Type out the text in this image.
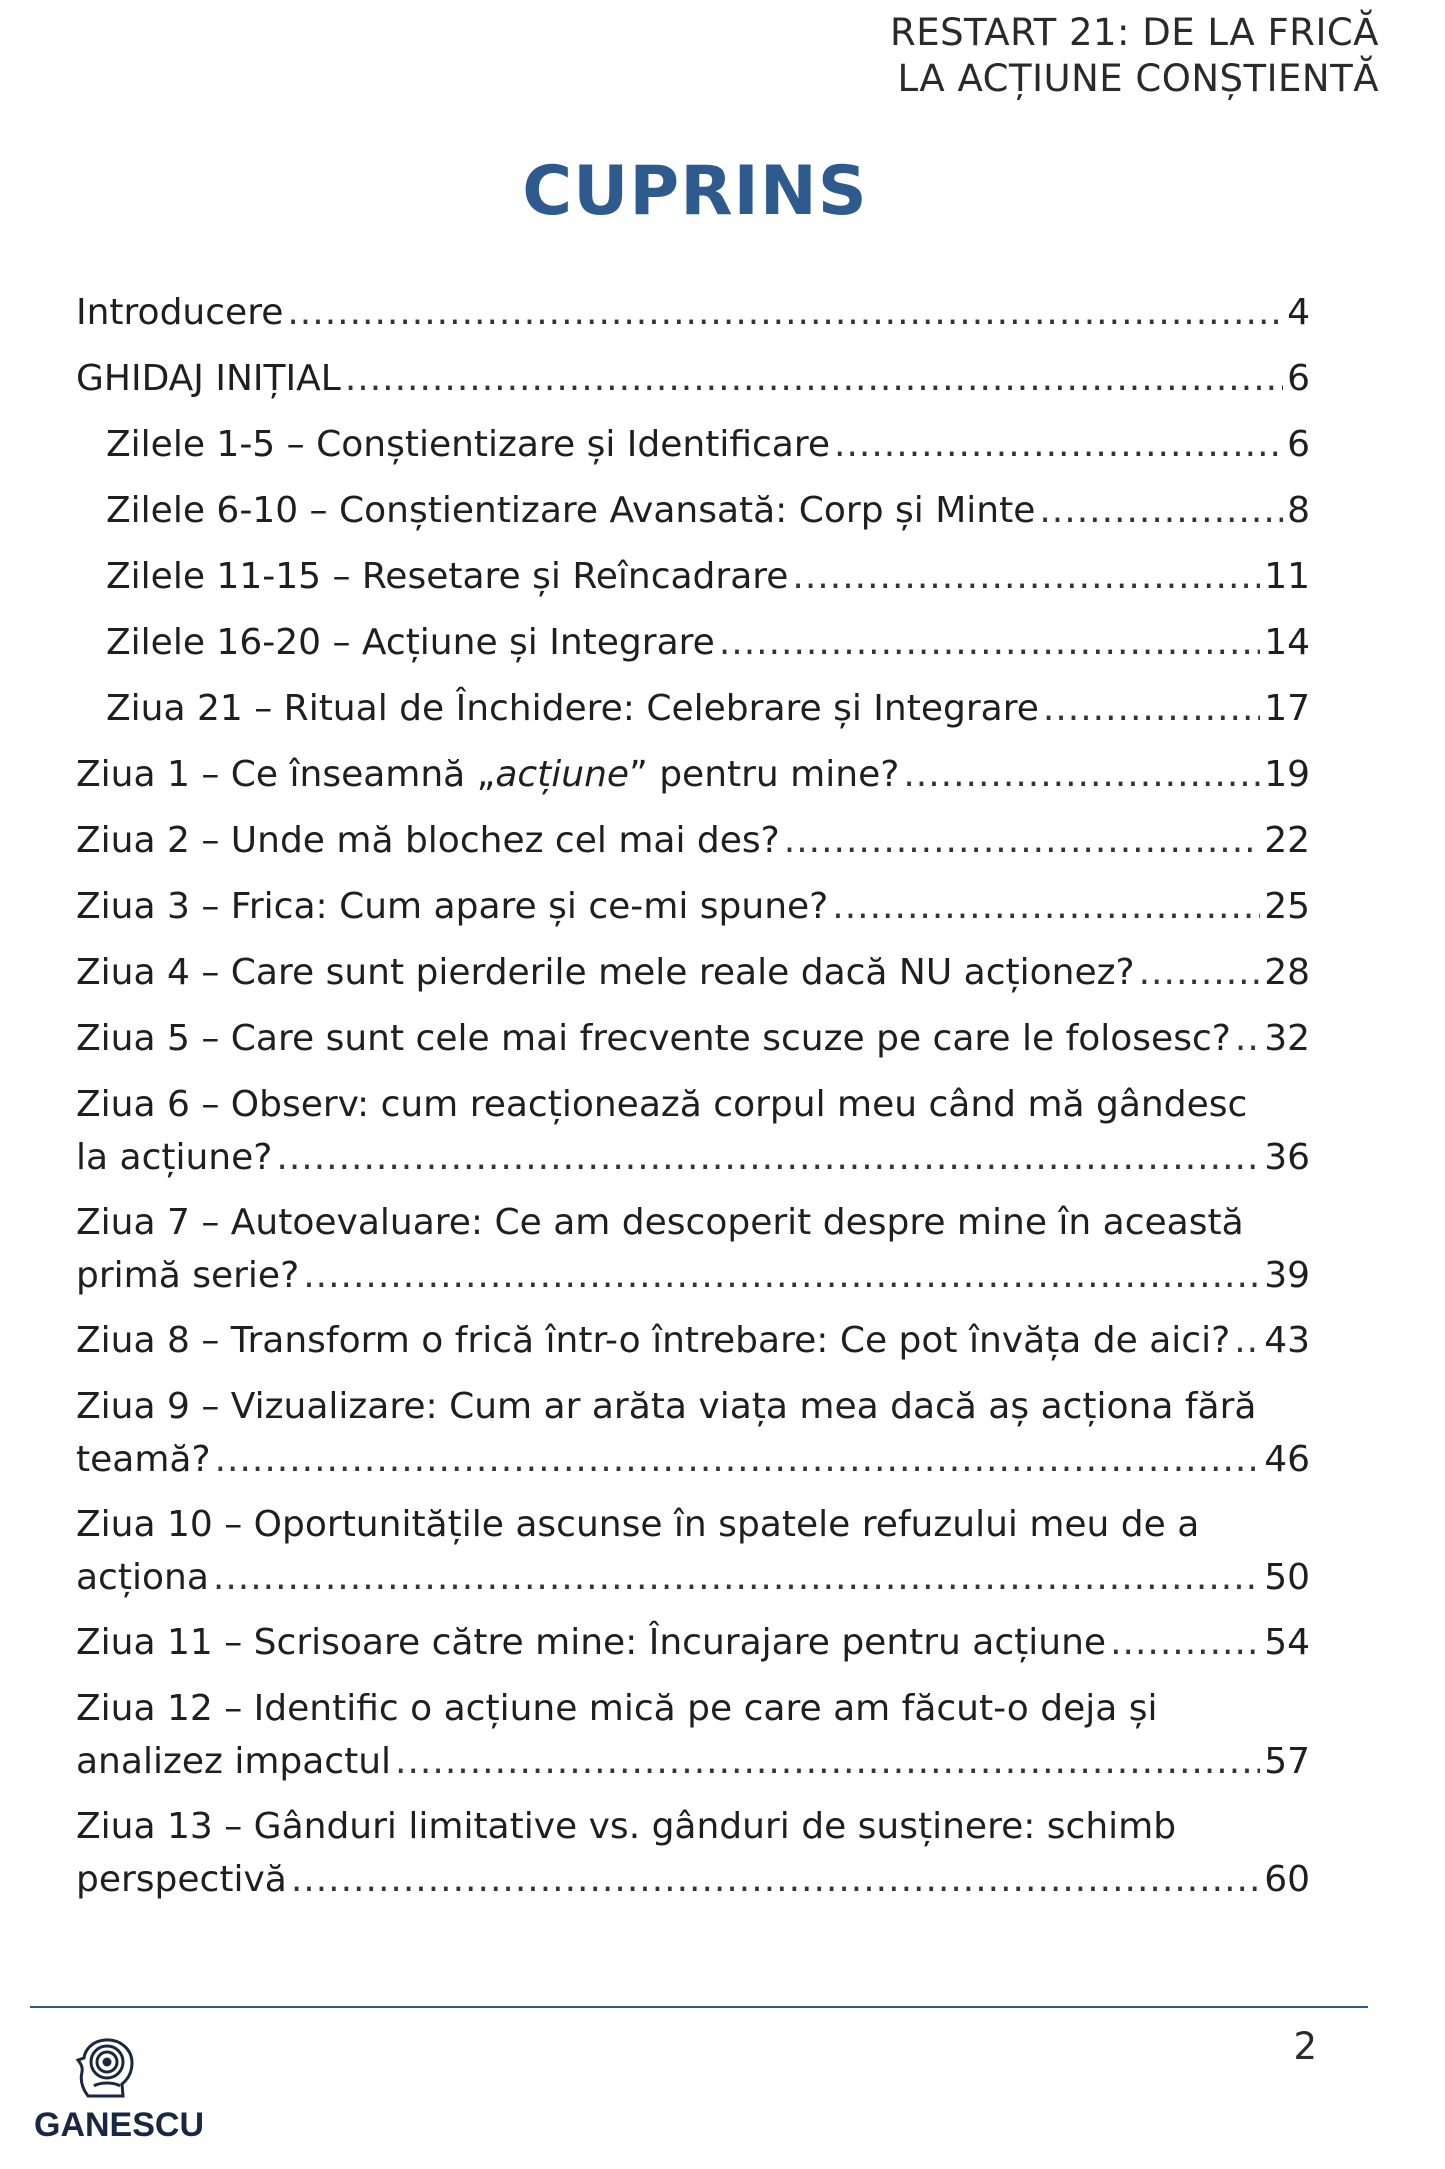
RESTART 21: DE LA FRICĂ
LA ACȚIUNE CONȘTIENTĂ
CUPRINS
Introducere .....	4
GHIDAJ INIȚIAL .....	6
Zilele 1-5 – Conștientizare și Identificare .....	6
Zilele 6-10 – Conștientizare Avansată: Corp și Minte .....	8
Zilele 11-15 – Resetare și Reîncadrare .....	11
Zilele 16-20 – Acțiune și Integrare .....	14
Ziua 21 – Ritual de Închidere: Celebrare și Integrare .....	17
Ziua 1 – Ce înseamnă „acțiune” pentru mine? .....	19
Ziua 2 – Unde mă blochez cel mai des? .....	22
Ziua 3 – Frica: Cum apare și ce-mi spune? .....	25
Ziua 4 – Care sunt pierderile mele reale dacă NU acționez? .....	28
Ziua 5 – Care sunt cele mai frecvente scuze pe care le folosesc? ..... 32
Ziua 6 – Observ: cum reacționează corpul meu când mă gândesc
la acțiune? .....	36
Ziua 7 – Autoevaluare: Ce am descoperit despre mine în această
primă serie? .....	39
Ziua 8 – Transform o frică într-o întrebare: Ce pot învăța de aici? ..... 43
Ziua 9 – Vizualizare: Cum ar arăta viața mea dacă aș acționa fără
teamă? .....	46
Ziua 10 – Oportunitățile ascunse în spatele refuzului meu de a
acționa .....	50
Ziua 11 – Scrisoare către mine: Încurajare pentru acțiune .....	54
Ziua 12 – Identific o acțiune mică pe care am făcut-o deja și
analizez impactul .....	57
Ziua 13 – Gânduri limitative vs. gânduri de susținere: schimb
perspectivă .....	60
2
GANESCU
